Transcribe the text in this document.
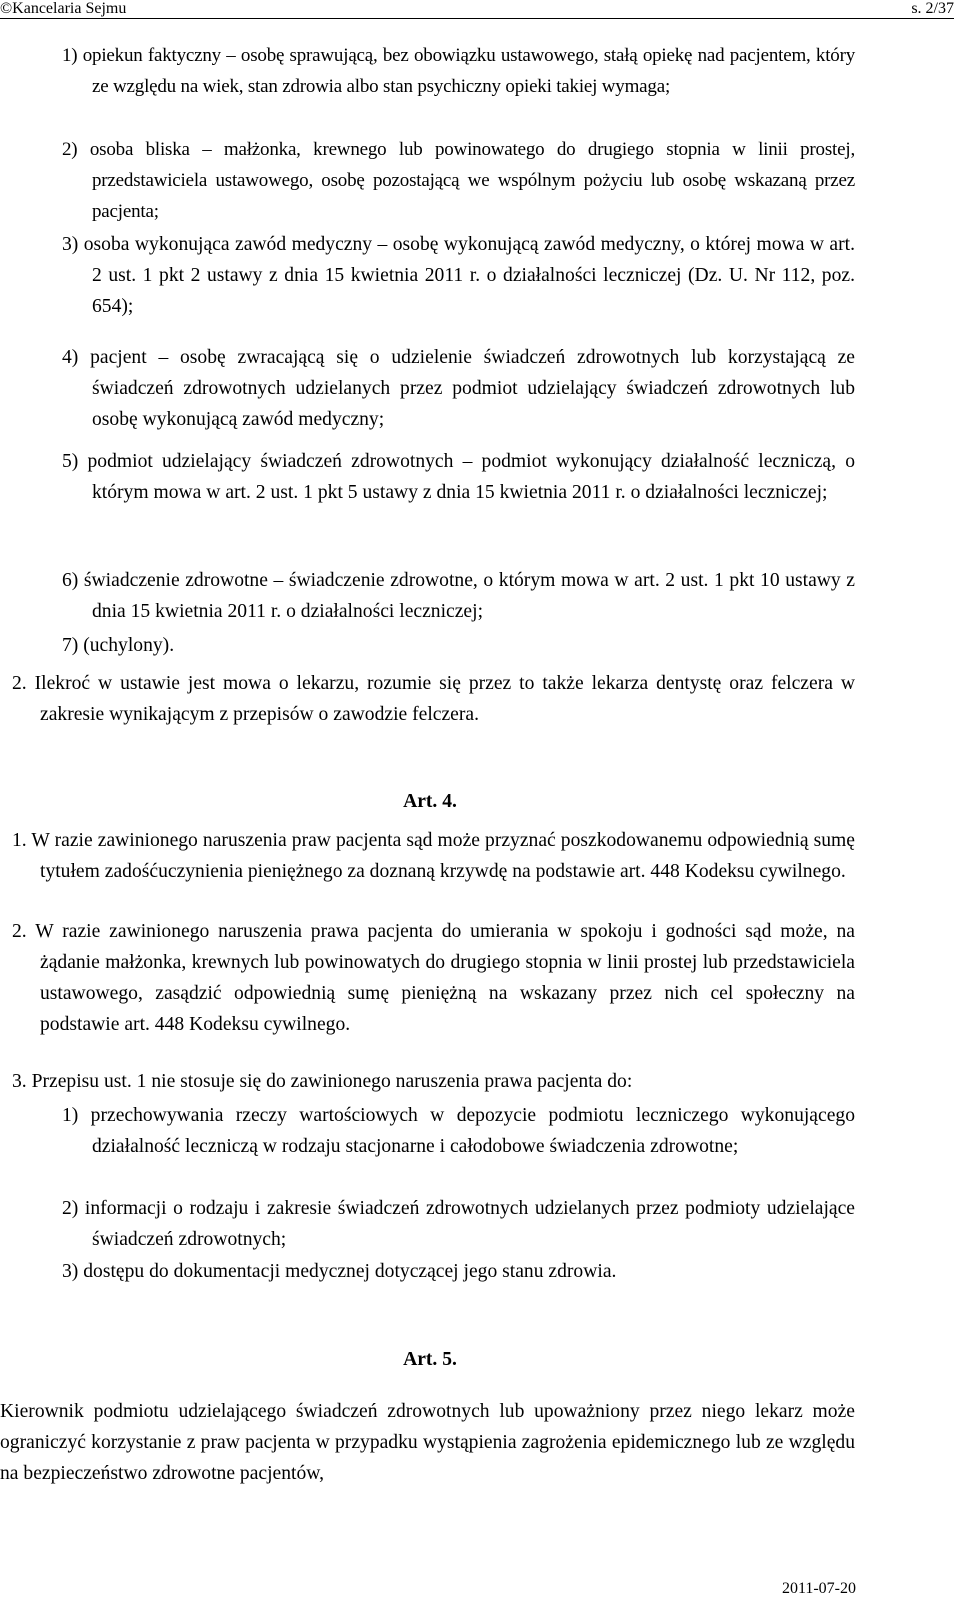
©Kancelaria Sejmu	s. 2/37
1) opiekun faktyczny – osobę sprawującą, bez obowiązku ustawowego, stałą opiekę nad pacjentem, który ze względu na wiek, stan zdrowia albo stan psychiczny opieki takiej wymaga;
2) osoba bliska – małżonka, krewnego lub powinowatego do drugiego stopnia w linii prostej, przedstawiciela ustawowego, osobę pozostającą we wspólnym pożyciu lub osobę wskazaną przez pacjenta;
3) osoba wykonująca zawód medyczny – osobę wykonującą zawód medyczny, o której mowa w art. 2 ust. 1 pkt 2 ustawy z dnia 15 kwietnia 2011 r. o działalności leczniczej (Dz. U. Nr 112, poz. 654);
4) pacjent – osobę zwracającą się o udzielenie świadczeń zdrowotnych lub korzystającą ze świadczeń zdrowotnych udzielanych przez podmiot udzielający świadczeń zdrowotnych lub osobę wykonującą zawód medyczny;
5) podmiot udzielający świadczeń zdrowotnych – podmiot wykonujący działalność leczniczą, o którym mowa w art. 2 ust. 1 pkt 5 ustawy z dnia 15 kwietnia 2011 r. o działalności leczniczej;
6) świadczenie zdrowotne – świadczenie zdrowotne, o którym mowa w art. 2 ust. 1 pkt 10 ustawy z dnia 15 kwietnia 2011 r. o działalności leczniczej;
7) (uchylony).
2. Ilekroć w ustawie jest mowa o lekarzu, rozumie się przez to także lekarza dentystę oraz felczera w zakresie wynikającym z przepisów o zawodzie felczera.
Art. 4.
1. W razie zawinionego naruszenia praw pacjenta sąd może przyznać poszkodowanemu odpowiednią sumę tytułem zadośćuczynienia pieniężnego za doznaną krzywdę na podstawie art. 448 Kodeksu cywilnego.
2. W razie zawinionego naruszenia prawa pacjenta do umierania w spokoju i godności sąd może, na żądanie małżonka, krewnych lub powinowatych do drugiego stopnia w linii prostej lub przedstawiciela ustawowego, zasądzić odpowiednią sumę pieniężną na wskazany przez nich cel społeczny na podstawie art. 448 Kodeksu cywilnego.
3. Przepisu ust. 1 nie stosuje się do zawinionego naruszenia prawa pacjenta do:
1) przechowywania rzeczy wartościowych w depozycie podmiotu leczniczego wykonującego działalność leczniczą w rodzaju stacjonarne i całodobowe świadczenia zdrowotne;
2) informacji o rodzaju i zakresie świadczeń zdrowotnych udzielanych przez podmioty udzielające świadczeń zdrowotnych;
3) dostępu do dokumentacji medycznej dotyczącej jego stanu zdrowia.
Art. 5.
Kierownik podmiotu udzielającego świadczeń zdrowotnych lub upoważniony przez niego lekarz może ograniczyć korzystanie z praw pacjenta w przypadku wystąpienia zagrożenia epidemicznego lub ze względu na bezpieczeństwo zdrowotne pacjentów,
2011-07-20
